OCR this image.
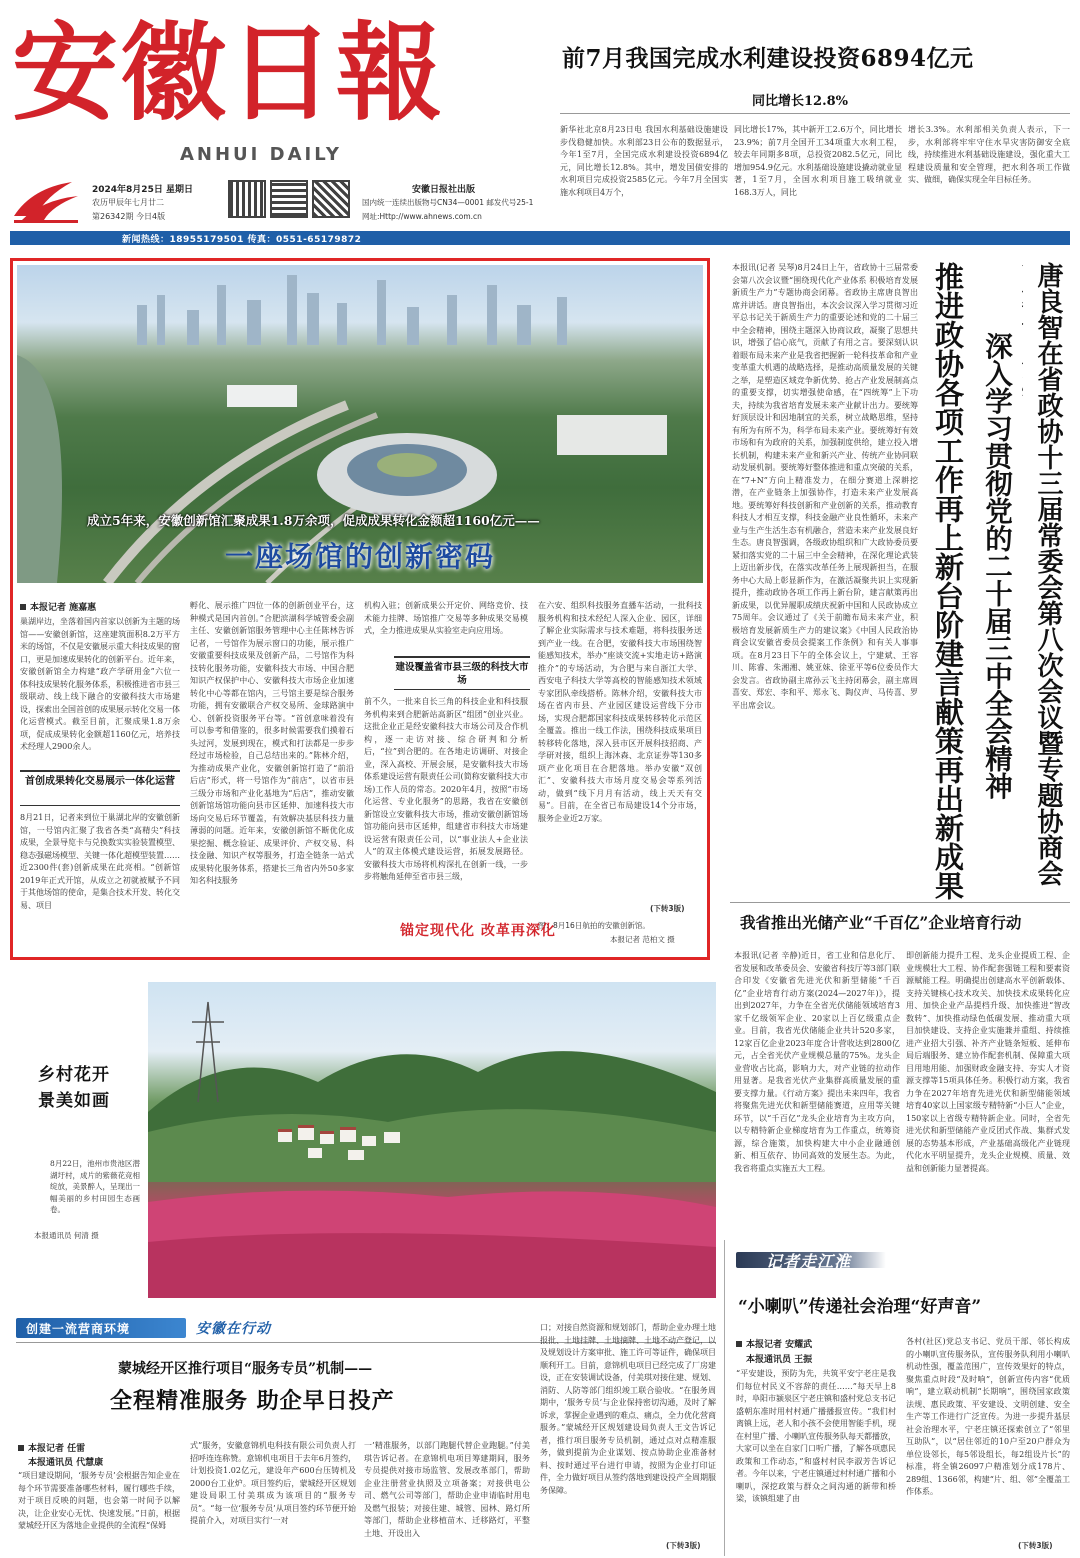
安徽日報
ANHUI DAILY
2024年8月25日 星期日
农历甲辰年七月廿二
第26342期 今日4版
安徽日报社出版
国内统一连续出版物号CN34—0001 邮发代号25-1
网址:Http://www.ahnews.com.cn
新闻热线：18955179501 传真：0551-65179872
前7月我国完成水利建设投资6894亿元
同比增长12.8%
新华社北京8月23日电 我国水利基础设施建设步伐稳健加快。水利部23日公布的数据显示，今年1至7月，全国完成水利建设投资6894亿元，同比增长12.8%。其中，增发国债安排的水利项目完成投资2585亿元。今年7月全国实施水利项目4万个，
同比增长17%，其中新开工2.6万个，同比增长23.9%；前7月全国开工34项重大水利工程，较去年同期多8项，总投资2082.5亿元，同比增加954.9亿元。水利基础设施建设撬动就业显著，1至7月，全国水利项目施工吸纳就业168.3万人，同比
增长3.3%。水利部相关负责人表示，下一步，水利部将牢牢守住水旱灾害防御安全底线，持续推进水利基础设施建设，强化重大工程建设质量和安全管理，把水利各项工作做实、做细，确保实现全年目标任务。
成立5年来，安徽创新馆汇聚成果1.8万余项，促成成果转化金额超1160亿元——
一座场馆的创新密码
本报记者 施嘉惠
巢湖岸边，坐落着国内首家以创新为主题的场馆——安徽创新馆，这座建筑面积8.2万平方米的场馆，不仅是安徽展示重大科技成果的窗口，更是加速成果转化的创新平台。近年来，安徽创新馆全力构建“政产学研用金”六位一体科技成果转化服务体系，积极推进省市县三级联动、线上线下融合的安徽科技大市场建设，探索出全国首创的成果展示转化交易一体化运营模式。截至目前，汇聚成果1.8万余项，促成成果转化金额超1160亿元，培养技术经理人2900余人。
首创成果转化交易展示一体化运营
8月21日，记者来到位于巢湖北岸的安徽创新馆，一号馆内汇聚了我省各类“高精尖”科技成果，全景导览卡与兑换数实实验装置模型、稳态强磁场模型、关键一体化超模型装置……近2300件(套)创新成果在此亮相。“创新馆2019年正式开馆，从成立之初就被赋予不同于其他场馆的使命，是集合技术开发、转化交易、项目
孵化、展示推广四位一体的创新创业平台，这种模式是国内首创。”合肥滨湖科学城管委会副主任、安徽创新馆服务管理中心主任陈林告诉记者，一号馆作为展示窗口的功能，展示推广安徽重要科技成果及创新产品，二号馆作为科技转化服务功能，安徽科技大市场、中国合肥知识产权保护中心、安徽科技大市场企业加速转化中心等都在馆内，三号馆主要是综合服务功能，拥有安徽联合产权交易所、金球路演中心、创新投资服务平台等。“首创意味着没有可以参考和借鉴的，很多时候需要我们摸着石头过河，发展到现在，模式和打法都是一步步经过市场检验，自己总结出来的。”陈林介绍，为推动成果产业化，安徽创新馆打造了“前沿后店”形式，将一号馆作为“前店”，以省市县三级分市场和产业化基地为“后店”，推动安徽创新馆场馆功能向县市区延伸、加速科技大市场向交易后环节覆盖，有效解决基层科技力量薄弱的问题。近年来，安徽创新馆不断优化成果挖掘、概念验证、成果评价、产权交易、科技金融、知识产权等服务，打造全链条一站式成果转化服务体系，搭建长三角省内外50多家知名科技服务
机构入驻；创新成果公开定价、网络竞价、技术能力挂牌、场馆推广交易等多种成果交易模式，全力推进成果从实验室走向应用场。
建设覆盖省市县三级的科技大市场
前不久，一批来自长三角的科技企业和科技服务机构来到合肥新站高新区“组团”创业兴业。这批企业正是经安徽科技大市场公司及合作机构，逐一走访对接、综合研判和分析后，“拉”到合肥的。在各地走访调研、对接企业，深入高校、开展会展，是安徽科技大市场体系建设运营有限责任公司(简称安徽科技大市场)工作人员的常态。2020年4月，按照“市场化运营、专业化服务”的思路，我省在安徽创新馆设立安徽科技大市场，推动安徽创新馆场馆功能向县市区延伸，组建省市科技大市场建设运营有限责任公司，以“事业法人+企业法人”的双主体模式建设运营，拓展发展路径。安徽科技大市场将机构深扎在创新一线，一步步将触角延伸至省市县三级，
在六安、组织科技服务直播车活动，一批科技服务机构和技术经纪人深入企业、园区，详细了解企业实际需求与技术难题，将科技服务送到产业一线。在合肥，安徽科技大市场围绕智能感知技术，举办“座谈交流+实地走访+路演推介”的专场活动，为合肥与来自浙江大学、西安电子科技大学等高校的智能感知技术领域专家团队牵线搭桥。陈林介绍，安徽科技大市场在省内市县、产业园区建设运营线下分市场，实现合肥都国家科技成果转移转化示范区全覆盖。推出一线工作法，围绕科技成果项目转移转化落地，深入县市区开展科技招商、产学研对接，组织上海沐森、北京证券等130多项产业化项目在合肥落地。举办安徽“双创汇”、安徽科技大市场月度交易会等系列活动，做到“线下月月有活动，线上天天有交易”。目前，在全省已布局建设14个分市场，服务企业近2万家。
(下转3版)
图：8月16日航拍的安徽创新馆。
本报记者 范柏文 摄
锚定现代化 改革再深化
本报讯(记者 吴琴)8月24日上午，省政协十三届常委会第八次会议暨“围绕现代化产业体系 积极培育发展新质生产力”专题协商会闭幕。省政协主席唐良智出席并讲话。唐良智指出，本次会议深入学习贯彻习近平总书记关于新质生产力的重要论述和党的二十届三中全会精神，围绕主题深入协商议政，凝聚了思想共识，增强了信心底气，贡献了有用之言。要深刻认识着眼布局未来产业是我省把握新一轮科技革命和产业变革重大机遇的战略选择，是推动高质量发展的关键之举，是塑造区域竞争新优势、抢占产业发展制高点的重要支撑，切实增强使命感，在“四统筹”上下功夫，持续为我省培育发展未来产业献计出力。要统筹好顶层设计和因地制宜的关系，树立战略思维，坚持有所为有所不为，科学布局未来产业。要统筹好有效市场和有为政府的关系，加强制度供给，建立投入增长机制，构建未来产业和新兴产业、传统产业协同联动发展机制。要统筹好整体推进和重点突破的关系，在“7+N”方向上精准发力，在细分赛道上深耕挖潜，在产业链条上加强协作，打造未来产业发展高地。要统筹好科技创新和产业创新的关系，推动教育科技人才相互支撑，科技金融产业良性循环，未来产业与生产生活生态有机融合，营造未来产业发展良好生态。唐良智强调，各级政协组织和广大政协委员要紧扣落实党的二十届三中全会精神，在深化理论武装上迈出新步伐，在落实改革任务上展现新担当，在服务中心大局上彰显新作为，在激活凝聚共识上实现新提升，推动政协各项工作再上新台阶，建言献策再出新成果，以优异履职成绩庆祝新中国和人民政协成立75周年。会议通过了《关于前瞻布局未来产业，积极培育发展新质生产力的建议案》《中国人民政治协商会议安徽省委员会提案工作条例》和有关人事事项。在8月23日下午的全体会议上，宁建斌、王容川、陈睿、朱湘湘、姚亚妹、徐亚平等6位委员作大会发言。省政协副主席孙云飞主持闭幕会，副主席周喜安、郑宏、李和平、郑永飞、陶仪声、马传喜、罗平出席会议。
唐良智在省政协十三届常委会第八次会议暨专题协商会
深入学习贯彻党的二十届三中全会精神
推进政协各项工作再上新台阶建言献策再出新成果
我省推出光储产业“千百亿”企业培育行动
本报讯(记者 辛静)近日，省工业和信息化厅、省发展和改革委员会、安徽省科技厅等3部门联合印发《安徽省先进光伏和新型储能“千百亿”企业培育行动方案(2024—2027年)》，提出到2027年，力争在全省光伏储能领域培育3家千亿级领军企业、20家以上百亿级重点企业。目前，我省光伏储能企业共计520多家，12家百亿企业2023年度合计营收达到2800亿元，占全省光伏产业规模总量的75%。龙头企业营收占比高，影响力大，对产业链的拉动作用显著。是我省光伏产业集群高质量发展的重要支撑力量。《行动方案》提出未来四年，我省将聚焦先进光伏和新型储能赛道，应用等关键环节，以“千百亿”龙头企业培育为主攻方向，以专精特新企业梯度培育为工作重点，统筹资源，综合施策，加快构建大中小企业融通创新、相互依存、协同高效的发展生态。为此，我省将重点实施五大工程。
即创新能力提升工程、龙头企业提质工程、企业规模壮大工程、协作配套强链工程和要素资源赋能工程。明确提出创建高水平创新载体、支持关键核心技术攻关、加快技术成果转化应用、加快企业产品提档升级、加快推进“智改数转”、加快推动绿色低碳发展、推动重大项目加快建设、支持企业实施兼并重组、持续推进产业招大引强、补齐产业链条短板、延伸布局后端服务、建立协作配套机制、保障重大项目用地用能、加强财政金融支持、夯实人才资源支撑等15项具体任务。积极行动方案，我省力争在2027年培育先进光伏和新型储能领域培育40家以上国家级专精特新“小巨人”企业，150家以上省级专精特新企业。同时，全省先进光伏和新型储能产业反团式作战、集群式发展的态势基本形成，产业基础高级化产业链现代化水平明显提升，龙头企业规模、质量、效益和创新能力显著提高。
乡村花开
景美如画
8月22日，池州市贵池区潜湖圩村，成片的紫薇花竞相绽放，美景醉人，呈现出一幅美丽的乡村田园生态画卷。
本报通讯员 何清 摄
记者走江淮
“小喇叭”传递社会治理“好声音”
本报记者 安耀武
本报通讯员 王振
“平安建设，预防为先，共筑平安宁老庄是我们每位村民义不容辞的责任……”每天早上8时，阜阳市颍泉区宁老庄镇和盛村党总支书记盛朝东准时用村村通广播播报宣传。“我们村离镇上远，老人和小孩不会使用智能手机，现在村里广播、小喇叭宣传服务队每天都播放，大家可以坐在自家门口听广播，了解各项惠民政策和工作动态，”和盛村村民李淑芳告诉记者。今年以来，宁老庄镇通过村村通广播和小喇叭，深挖政策与群众之间沟通的新带和桥梁，该镇组建了由
各村(社区)党总支书记、党员干部、邻长构成的小喇叭宣传服务队，宣传服务队利用小喇叭机动性强，覆盖范围广，宣传效果好的特点，聚焦重点时段“及时响”，创新宣传内容“优质响”，建立联动机制“长期响”，围绕国家政策法规、惠民政策、平安建设、文明创建、安全生产等工作进行广泛宣传。为进一步提升基层社会治理水平，宁老庄镇还探索创立了“邻里互助队”，以“居住邻近的10户至20户群众为单位设邻长，每5邻设组长，每2组设片长”的标准，将全镇26097户精准划分成178片、289组、1366邻，构建“片、组、邻”全覆盖工作体系。
(下转3版)
创建一流营商环境	安徽在行动
蒙城经开区推行项目“服务专员”机制——
全程精准服务 助企早日投产
本报记者 任雷
本报通讯员 代慧康
“项目建设期间，‘服务专员’会根据告知企业在每个环节需要准备哪些材料，履行哪些手续，对于项目反映的问题，也会第一时间予以解决，让企业安心无忧、快速发展。”日前，根据蒙城经开区为落地企业提供的全流程“保姆
式”服务，安徽意锦机电科技有限公司负责人打招呼连连称赞。意锦机电项目于去年6月签约，计划投资1.02亿元，建设年产600台压铸机及2000台工业炉。项目签约后，蒙城经开区规划建设局职工付美琪成为该项目的“服务专员”。“每一位‘服务专员’从项目签约环节便开始提前介入，对项目实行‘一对
一’精准服务，以部门跑腿代替企业跑腿。”付美琪告诉记者。在意锦机电项目筹建期间，服务专员提供对接市场监管、发展改革部门，帮助企业注册营业执照及立项备案；对接供电公司、燃气公司等部门，帮助企业申请临时用电及燃气报装；对接住建、城管、园林、路灯所等部门，帮助企业移植苗木、迁移路灯，平整土地、开设出入
口；对接自然资源和规划部门，帮助企业办理土地报批、土地挂牌、土地摘牌、土地不动产登记，以及规划设计方案审批、施工许可等证件，确保项目顺利开工。目前，意锦机电项目已经完成了厂房建设，正在安装调试设备，付美琪对接住建、规划、消防、人防等部门组织竣工联合验收。“在服务周期中，‘服务专员’与企业保持密切沟通，及时了解诉求，掌握企业遇到的难点、痛点，全力优化营商服务。”蒙城经开区规划建设局负责人王文告诉记者，推行项目服务专员机制，通过点对点精准服务，做到提前为企业谋划、按点协助企业准备材料、按时通过平台进行申请，按照为企业打印证件，全力做好项目从签约落地到建设投产全周期服务保障。
(下转3版)
